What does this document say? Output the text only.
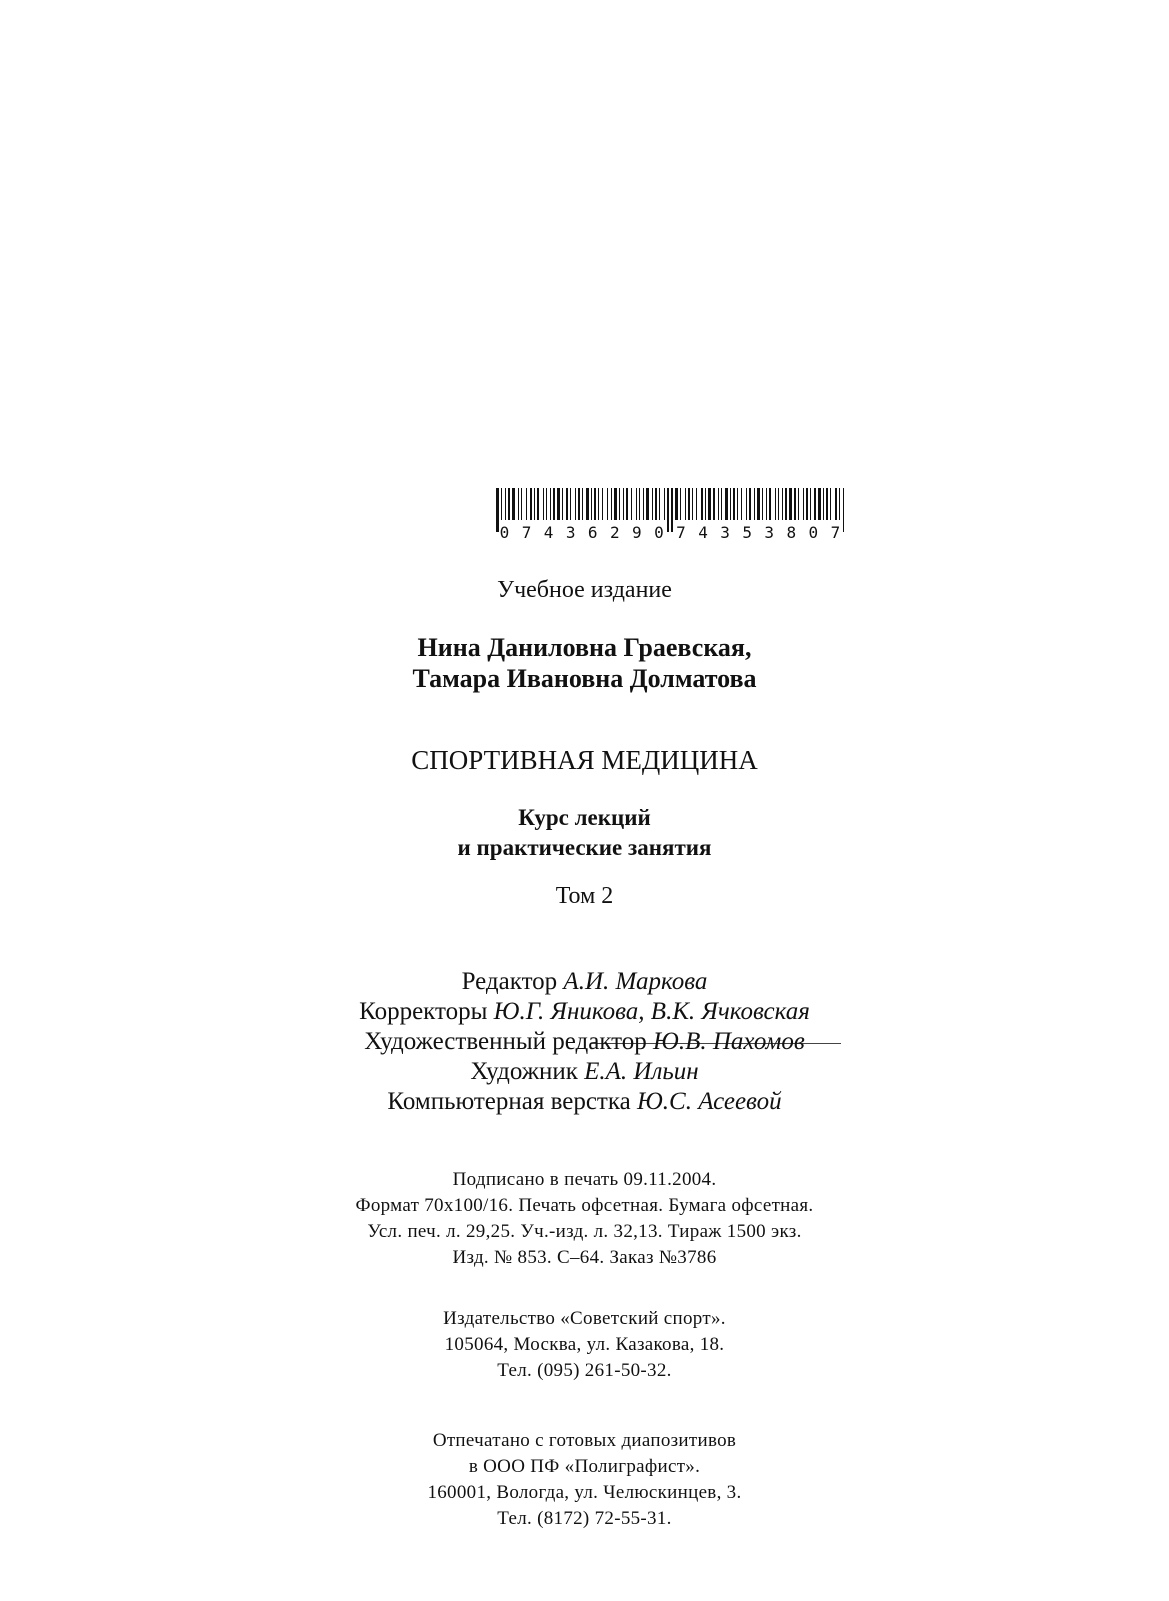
0 7 4 3 6 2 9 0 7 4 3 5 3 8 0 7
Учебное издание
Нина Даниловна Граевская,
Тамара Ивановна Долматова
СПОРТИВНАЯ МЕДИЦИНА
Курс лекций
и практические занятия
Том 2
Редактор А.И. Маркова
Корректоры Ю.Г. Яникова, В.К. Ячковская
Художественный редактор Ю.В. Пахомов
Художник Е.А. Ильин
Компьютерная верстка Ю.С. Асеевой
Подписано в печать 09.11.2004.
Формат 70x100/16. Печать офсетная. Бумага офсетная.
Усл. печ. л. 29,25. Уч.-изд. л. 32,13. Тираж 1500 экз.
Изд. № 853. С–64. Заказ №3786
Издательство «Советский спорт».
105064, Москва, ул. Казакова, 18.
Тел. (095) 261-50-32.
Отпечатано с готовых диапозитивов
в ООО ПФ «Полиграфист».
160001, Вологда, ул. Челюскинцев, 3.
Тел. (8172) 72-55-31.
